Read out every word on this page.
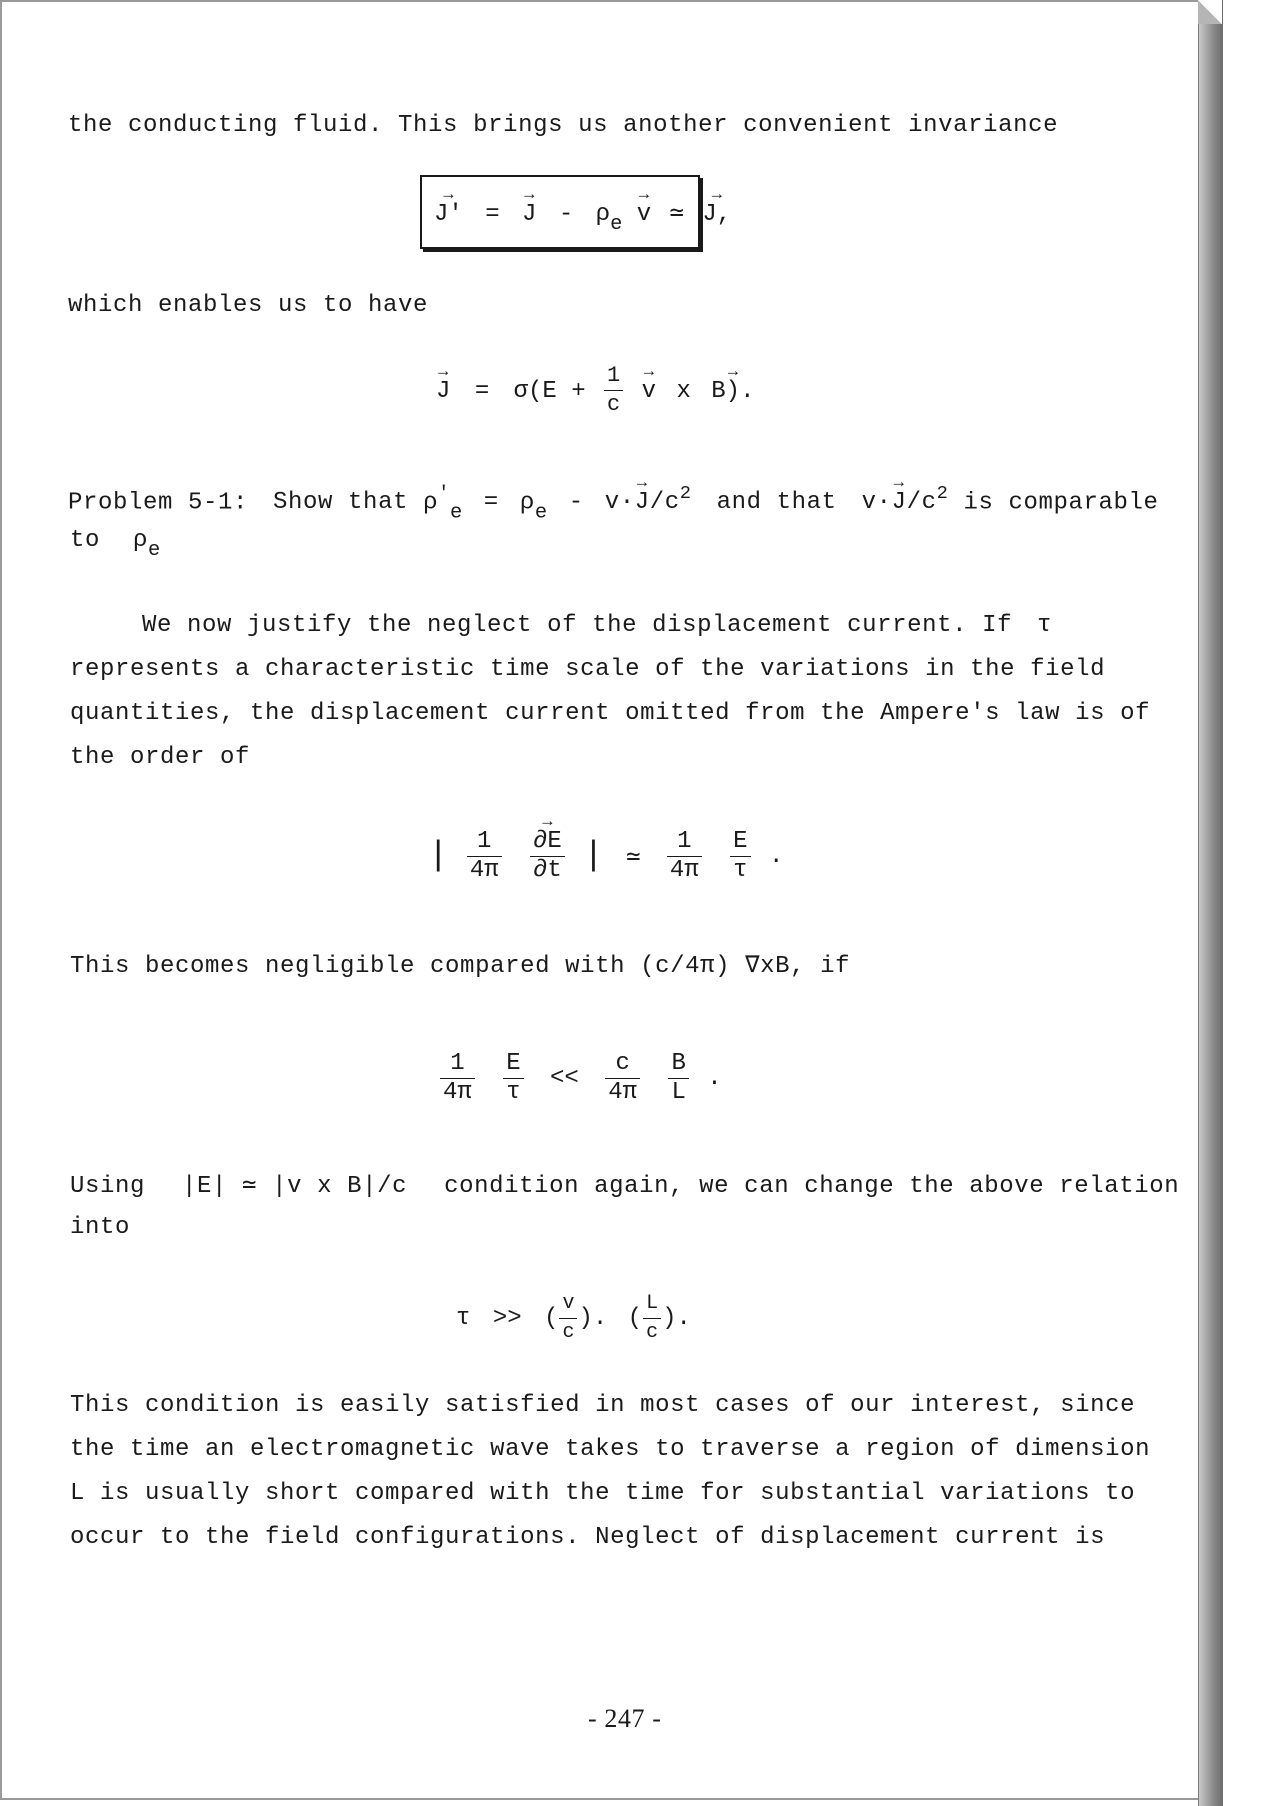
the conducting fluid. This brings us another convenient invariance
→ J' = → $J - \rho_e \to v$ ≃ → J,
which enables us to have
→ $J = \sigma(E + \frac{1}{c} \to v$ x → B).
Problem 5-1: Show that $\rho'_e = \rho_e$ - → $v\cdot J/c^2$ and that → $v\cdot J/c^2$ is comparable
to $\rho_e$
We now justify the neglect of the displacement current. If τ
represents a characteristic time scale of the variations in the field
quantities, the displacement current omitted from the Ampere's law is of
the order of
| $\frac{1}{4\pi}$
→ $\frac{\partial E}{\partial t}$ | ≃ $\frac{1}{4\pi}$
$\frac{E}{\tau}$ .
This becomes negligible compared with (c/4π) ∇xB, if
$\frac{1}{4\pi}$
$\frac{E}{\tau} << \frac{c}{4\pi}$
$\frac{B}{L}$ .
Using |E| ≃ |v x B|/c condition again, we can change the above relation
into
τ >> ( $\frac{v}{c}$ ). ( $\frac{L}{c}$ ).
This condition is easily satisfied in most cases of our interest, since
the time an electromagnetic wave takes to traverse a region of dimension
L is usually short compared with the time for substantial variations to
occur to the field configurations. Neglect of displacement current is
- 247 -
